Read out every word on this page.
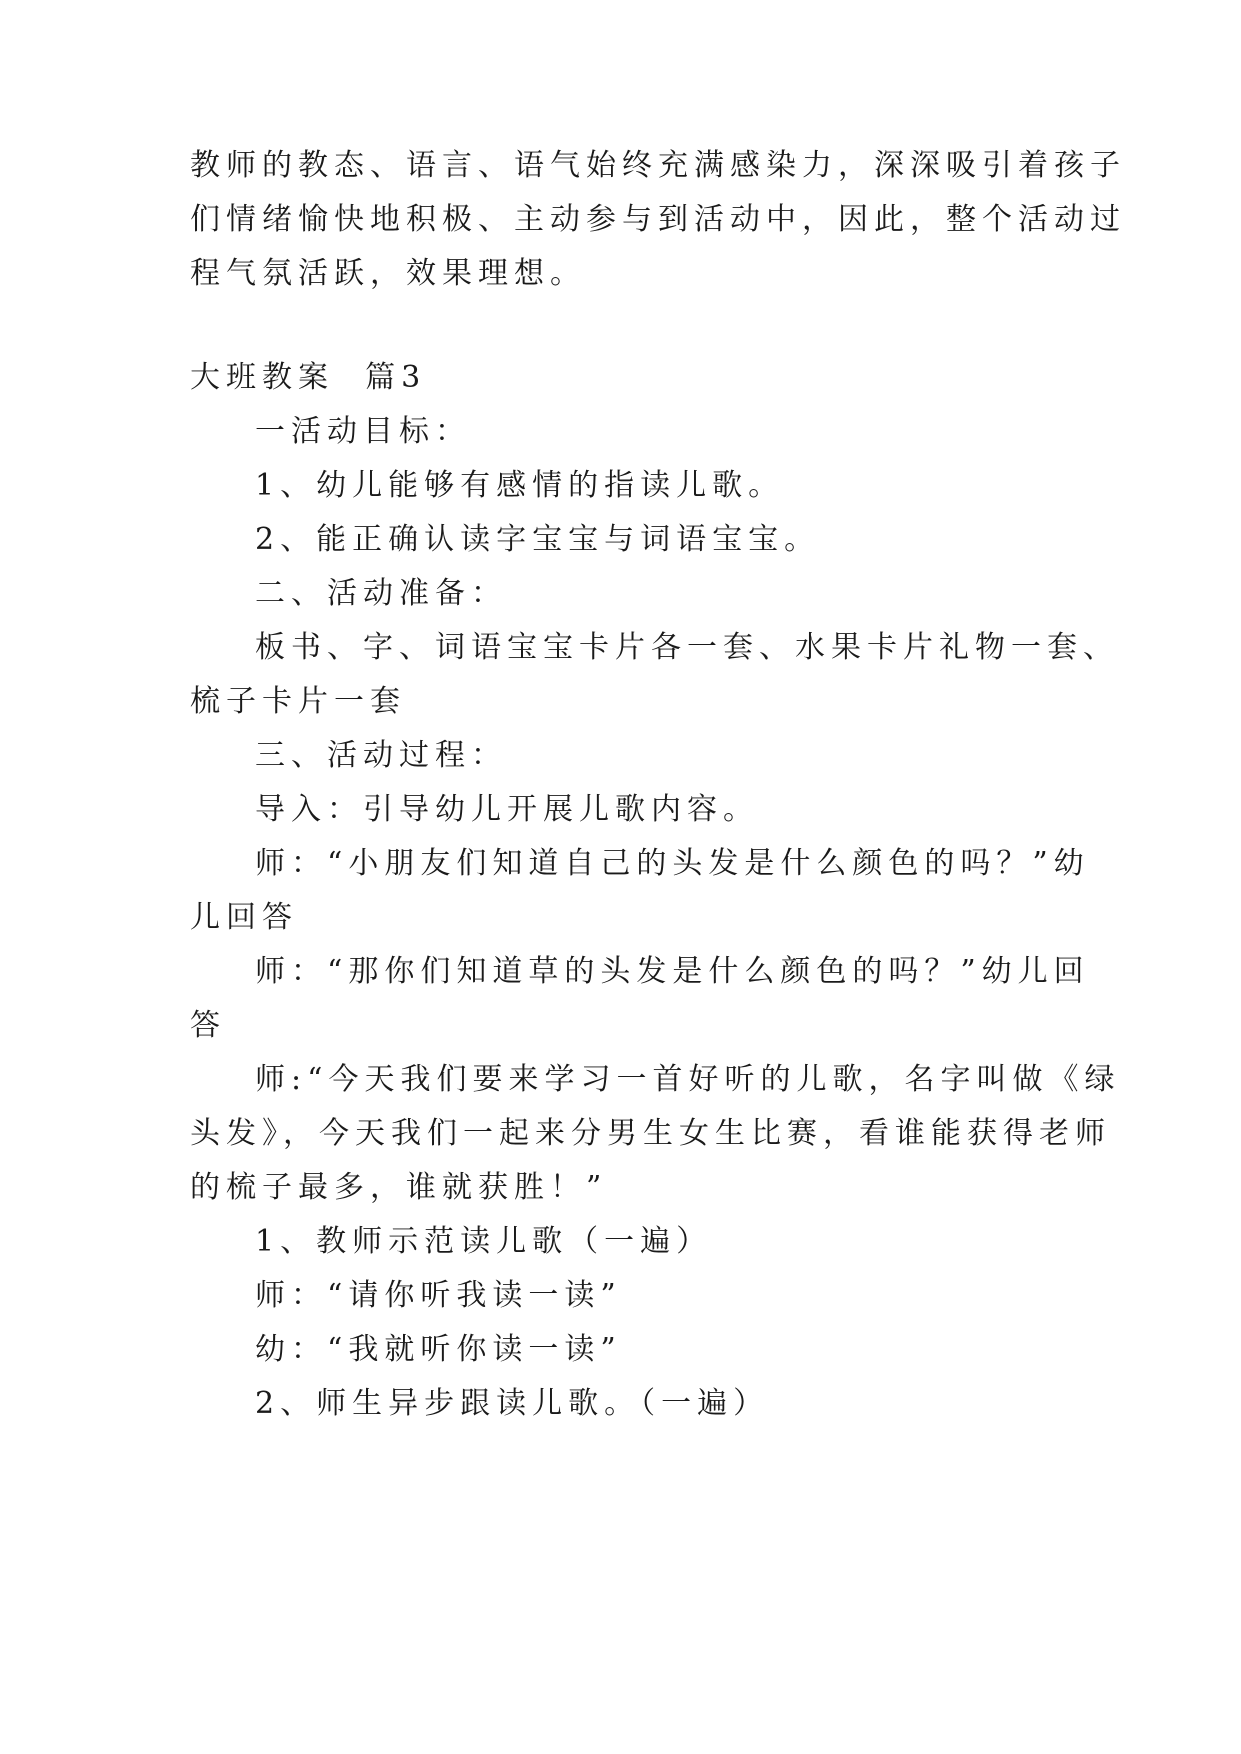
教师的教态、语言、语气始终充满感染力，深深吸引着孩子
们情绪愉快地积极、主动参与到活动中，因此，整个活动过
程气氛活跃，效果理想。
大班教案  篇3
一活动目标：
1、幼儿能够有感情的指读儿歌。
2、能正确认读字宝宝与词语宝宝。
二、活动准备：
板书、字、词语宝宝卡片各一套、水果卡片礼物一套、
梳子卡片一套
三、活动过程：
导入：引导幼儿开展儿歌内容。
师：“小朋友们知道自己的头发是什么颜色的吗？”幼
儿回答
师：“那你们知道草的头发是什么颜色的吗？”幼儿回
答
师:“今天我们要来学习一首好听的儿歌，名字叫做《绿
头发》，今天我们一起来分男生女生比赛，看谁能获得老师
的梳子最多，谁就获胜！”
1、教师示范读儿歌（一遍）
师：“请你听我读一读”
幼：“我就听你读一读”
2、师生异步跟读儿歌。（一遍）
